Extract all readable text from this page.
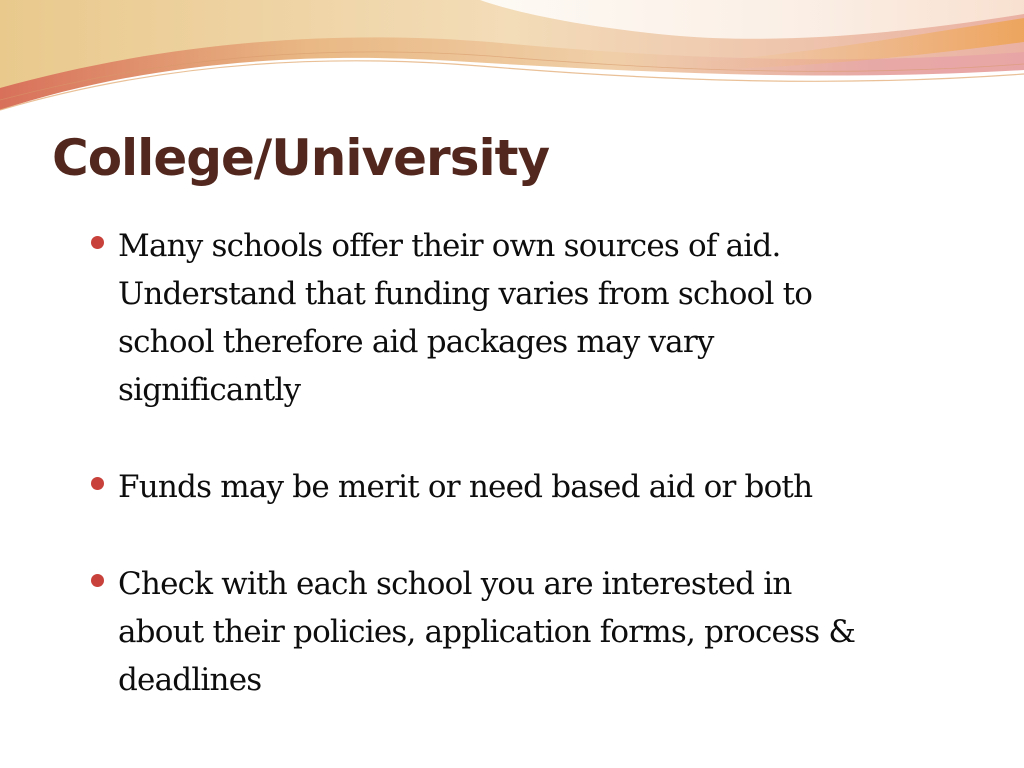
College/University

Many schools offer their own sources of aid.
Understand that funding varies from school to
school therefore aid packages may vary
significantly

Funds may be merit or need based aid or both

Check with each school you are interested in
about their policies, application forms, process &
deadlines
